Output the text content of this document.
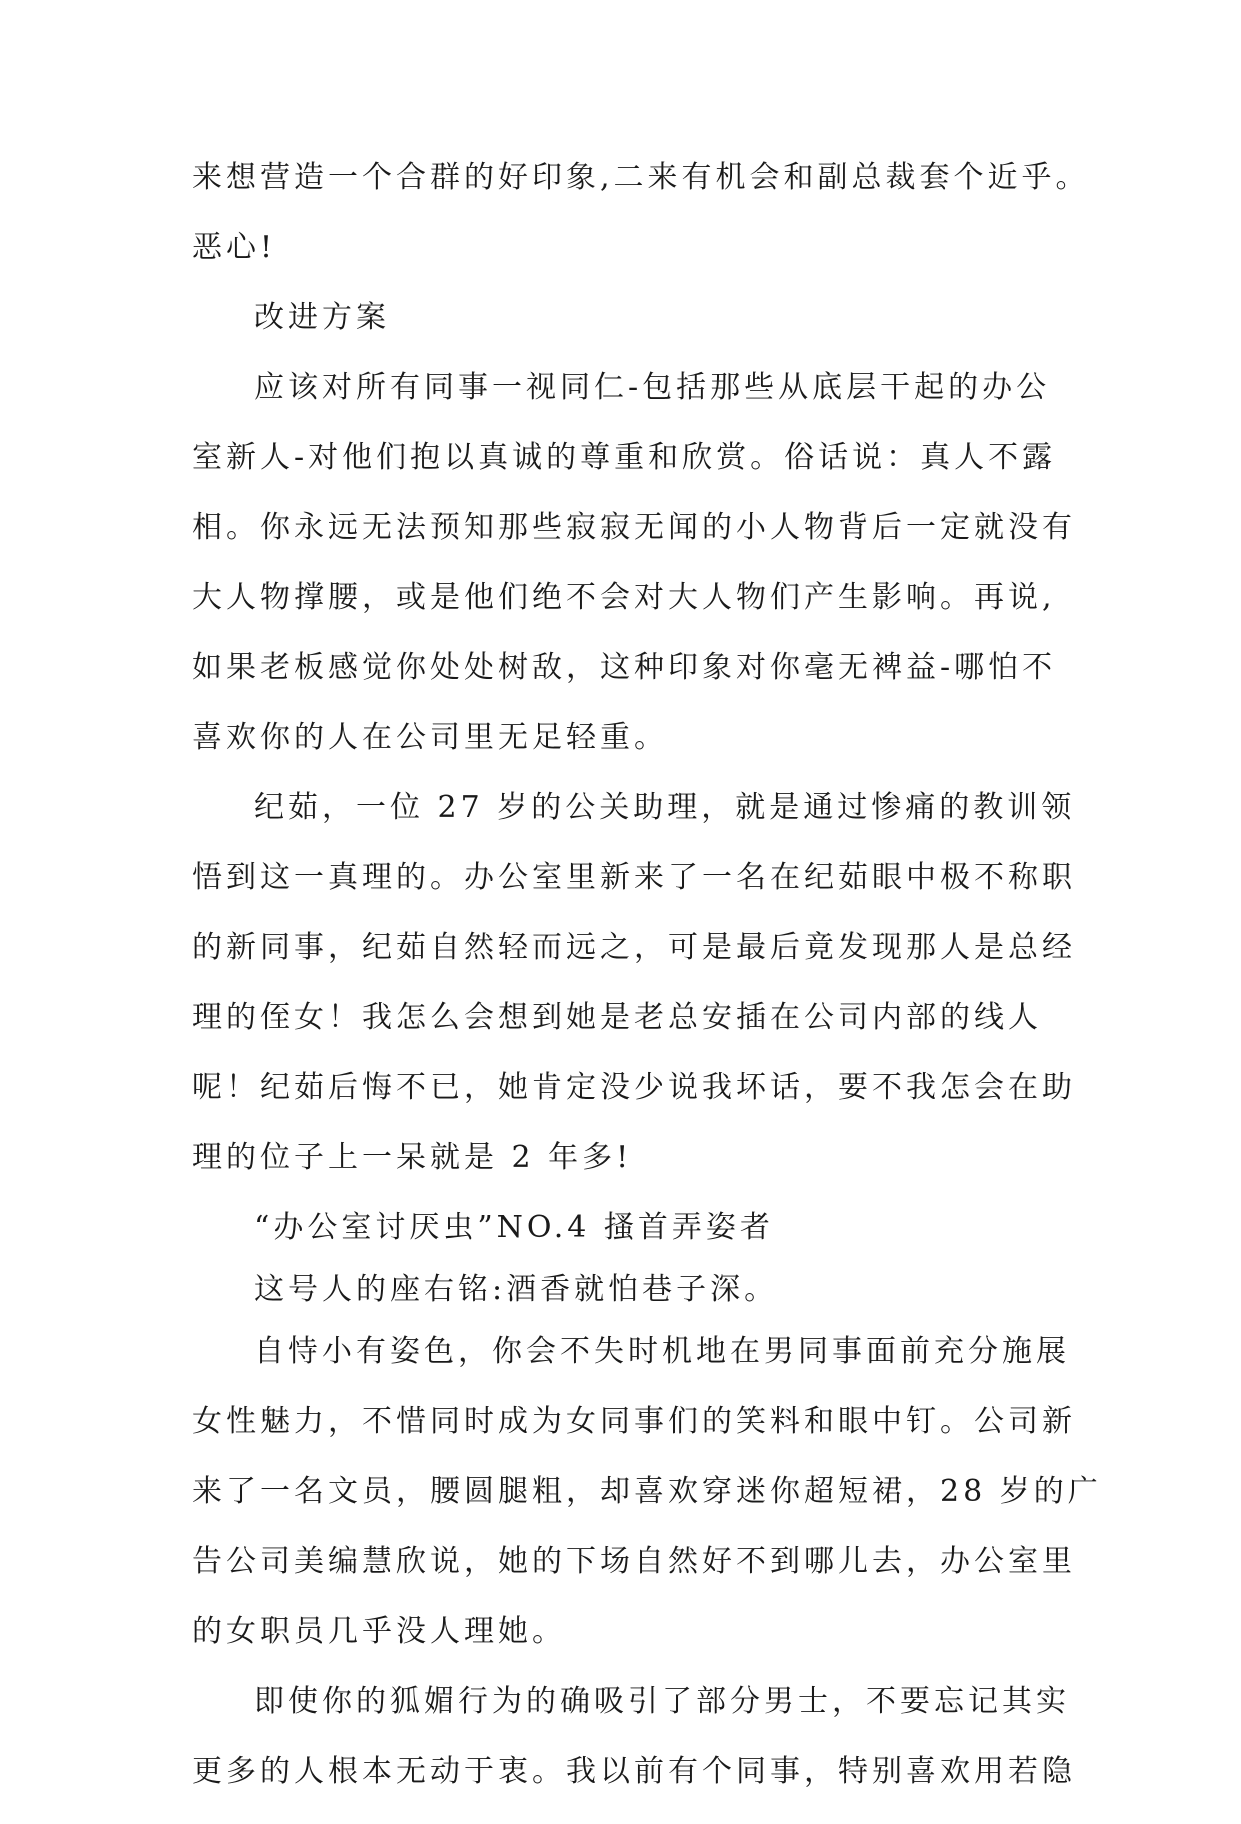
来想营造一个合群的好印象,二来有机会和副总裁套个近乎。
恶心!
改进方案
应该对所有同事一视同仁-包括那些从底层干起的办公
室新人-对他们抱以真诚的尊重和欣赏。俗话说：真人不露
相。你永远无法预知那些寂寂无闻的小人物背后一定就没有
大人物撑腰，或是他们绝不会对大人物们产生影响。再说,
如果老板感觉你处处树敌，这种印象对你毫无裨益-哪怕不
喜欢你的人在公司里无足轻重。
纪茹，一位 27 岁的公关助理，就是通过惨痛的教训领
悟到这一真理的。办公室里新来了一名在纪茹眼中极不称职
的新同事，纪茹自然轻而远之，可是最后竟发现那人是总经
理的侄女！我怎么会想到她是老总安插在公司内部的线人
呢！纪茹后悔不已，她肯定没少说我坏话，要不我怎会在助
理的位子上一呆就是 2 年多!
“办公室讨厌虫”NO.4 搔首弄姿者
这号人的座右铭:酒香就怕巷子深。
自恃小有姿色，你会不失时机地在男同事面前充分施展
女性魅力，不惜同时成为女同事们的笑料和眼中钉。公司新
来了一名文员，腰圆腿粗，却喜欢穿迷你超短裙，28 岁的广
告公司美编慧欣说，她的下场自然好不到哪儿去，办公室里
的女职员几乎没人理她。
即使你的狐媚行为的确吸引了部分男士，不要忘记其实
更多的人根本无动于衷。我以前有个同事，特别喜欢用若隐
